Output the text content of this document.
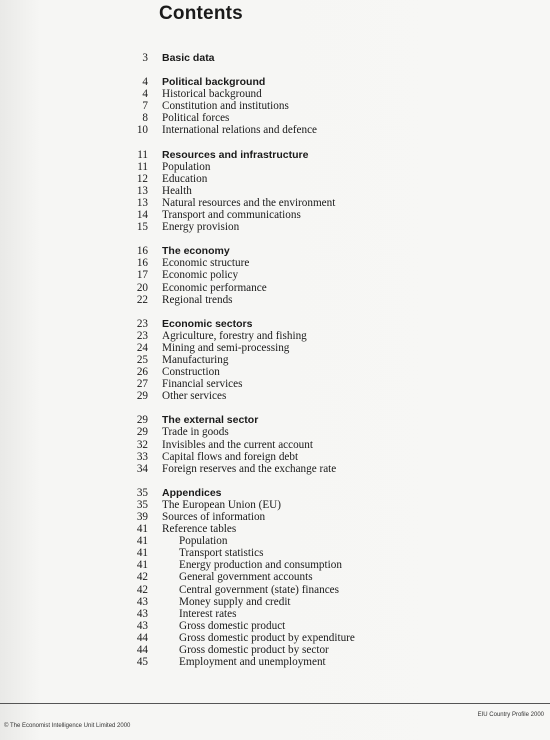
Contents
3 Basic data
4 Political background
4 Historical background
7 Constitution and institutions
8 Political forces
10 International relations and defence
11 Resources and infrastructure
11 Population
12 Education
13 Health
13 Natural resources and the environment
14 Transport and communications
15 Energy provision
16 The economy
16 Economic structure
17 Economic policy
20 Economic performance
22 Regional trends
23 Economic sectors
23 Agriculture, forestry and fishing
24 Mining and semi-processing
25 Manufacturing
26 Construction
27 Financial services
29 Other services
29 The external sector
29 Trade in goods
32 Invisibles and the current account
33 Capital flows and foreign debt
34 Foreign reserves and the exchange rate
35 Appendices
35 The European Union (EU)
39 Sources of information
41 Reference tables
41	Population
41	Transport statistics
41	Energy production and consumption
42	General government accounts
42	Central government (state) finances
43	Money supply and credit
43	Interest rates
43	Gross domestic product
44	Gross domestic product by expenditure
44	Gross domestic product by sector
45	Employment and unemployment
© The Economist Intelligence Unit Limited 2000
EIU Country Profile 2000
